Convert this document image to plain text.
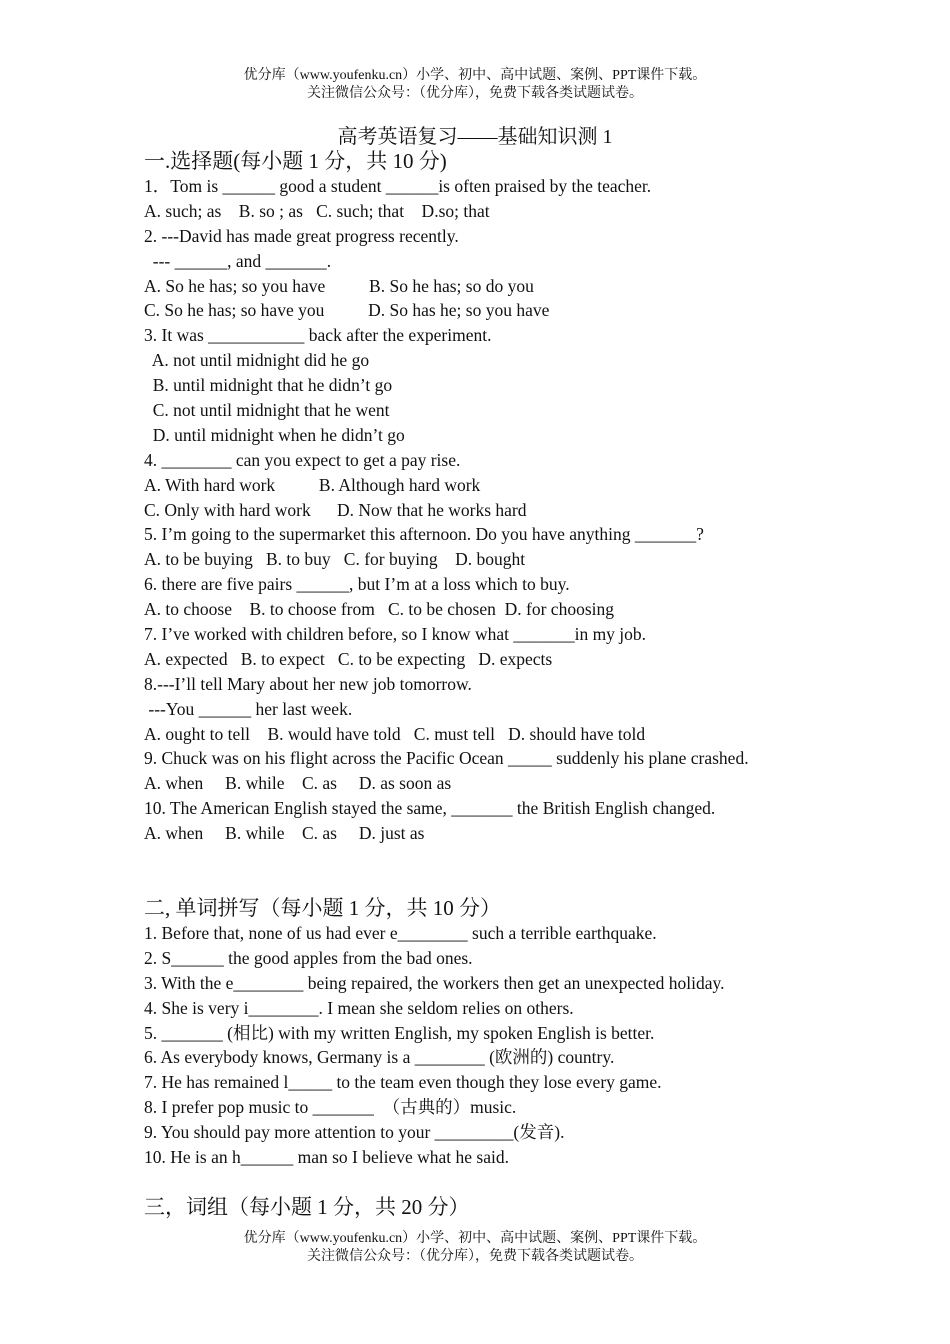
优分库（www.youfenku.cn）小学、初中、高中试题、案例、PPT课件下载。
关注微信公众号：（优分库），免费下载各类试题试卷。
高考英语复习——基础知识测 1
一.选择题(每小题 1 分，共 10 分)
1．Tom is ______ good a student ______is often praised by the teacher.
A. such; as    B. so ; as   C. such; that    D.so; that
2. ---David has made great progress recently.
--- ______, and _______.
A. So he has; so you have          B. So he has; so do you
C. So he has; so have you          D. So has he; so you have
3. It was ___________ back after the experiment.
A. not until midnight did he go
B. until midnight that he didn’t go
C. not until midnight that he went
D. until midnight when he didn’t go
4. ________ can you expect to get a pay rise.
A. With hard work          B. Although hard work
C. Only with hard work      D. Now that he works hard
5. I’m going to the supermarket this afternoon. Do you have anything _______?
A. to be buying   B. to buy   C. for buying    D. bought
6. there are five pairs ______, but I’m at a loss which to buy.
A. to choose    B. to choose from   C. to be chosen  D. for choosing
7. I’ve worked with children before, so I know what _______in my job.
A. expected   B. to expect   C. to be expecting   D. expects
8.---I’ll tell Mary about her new job tomorrow.
---You ______ her last week.
A. ought to tell    B. would have told   C. must tell   D. should have told
9. Chuck was on his flight across the Pacific Ocean _____ suddenly his plane crashed.
A. when     B. while    C. as     D. as soon as
10. The American English stayed the same, _______ the British English changed.
A. when     B. while    C. as     D. just as
二, 单词拼写（每小题 1 分，共 10 分）
1. Before that, none of us had ever e________ such a terrible earthquake.
2. S______ the good apples from the bad ones.
3. With the e________ being repaired, the workers then get an unexpected holiday.
4. She is very i________. I mean she seldom relies on others.
5. _______ (相比) with my written English, my spoken English is better.
6. As everybody knows, Germany is a ________ (欧洲的) country.
7. He has remained l_____ to the team even though they lose every game.
8. I prefer pop music to _______  （古典的）music.
9. You should pay more attention to your _________(发音).
10. He is an h______ man so I believe what he said.
三，词组（每小题 1 分，共 20 分）
优分库（www.youfenku.cn）小学、初中、高中试题、案例、PPT课件下载。
关注微信公众号：（优分库），免费下载各类试题试卷。
